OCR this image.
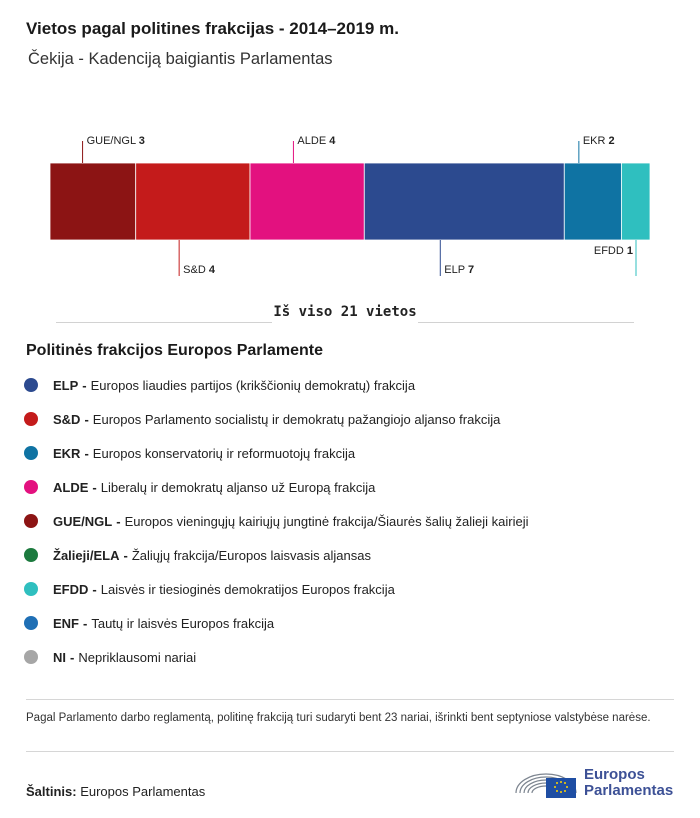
Vietos pagal politines frakcijas - 2014–2019 m.
Čekija - Kadenciją baigiantis Parlamentas
GUE/NGL 3
S&D 4
ALDE 4
ELP 7
EKR 2
EFDD 1
Iš viso 21 vietos
Politinės frakcijos Europos Parlamente
ELP - Europos liaudies partijos (krikščionių demokratų) frakcija
S&D - Europos Parlamento socialistų ir demokratų pažangiojo aljanso frakcija
EKR - Europos konservatorių ir reformuotojų frakcija
ALDE - Liberalų ir demokratų aljanso už Europą frakcija
GUE/NGL - Europos vieningųjų kairiųjų jungtinė frakcija/Šiaurės šalių žalieji kairieji
Žalieji/ELA - Žaliųjų frakcija/Europos laisvasis aljansas
EFDD - Laisvės ir tiesioginės demokratijos Europos frakcija
ENF - Tautų ir laisvės Europos frakcija
NI - Nepriklausomi nariai
Pagal Parlamento darbo reglamentą, politinę frakciją turi sudaryti bent 23 nariai, išrinkti bent septyniose valstybėse narėse.
Šaltinis: Europos Parlamentas
Europos
Parlamentas
